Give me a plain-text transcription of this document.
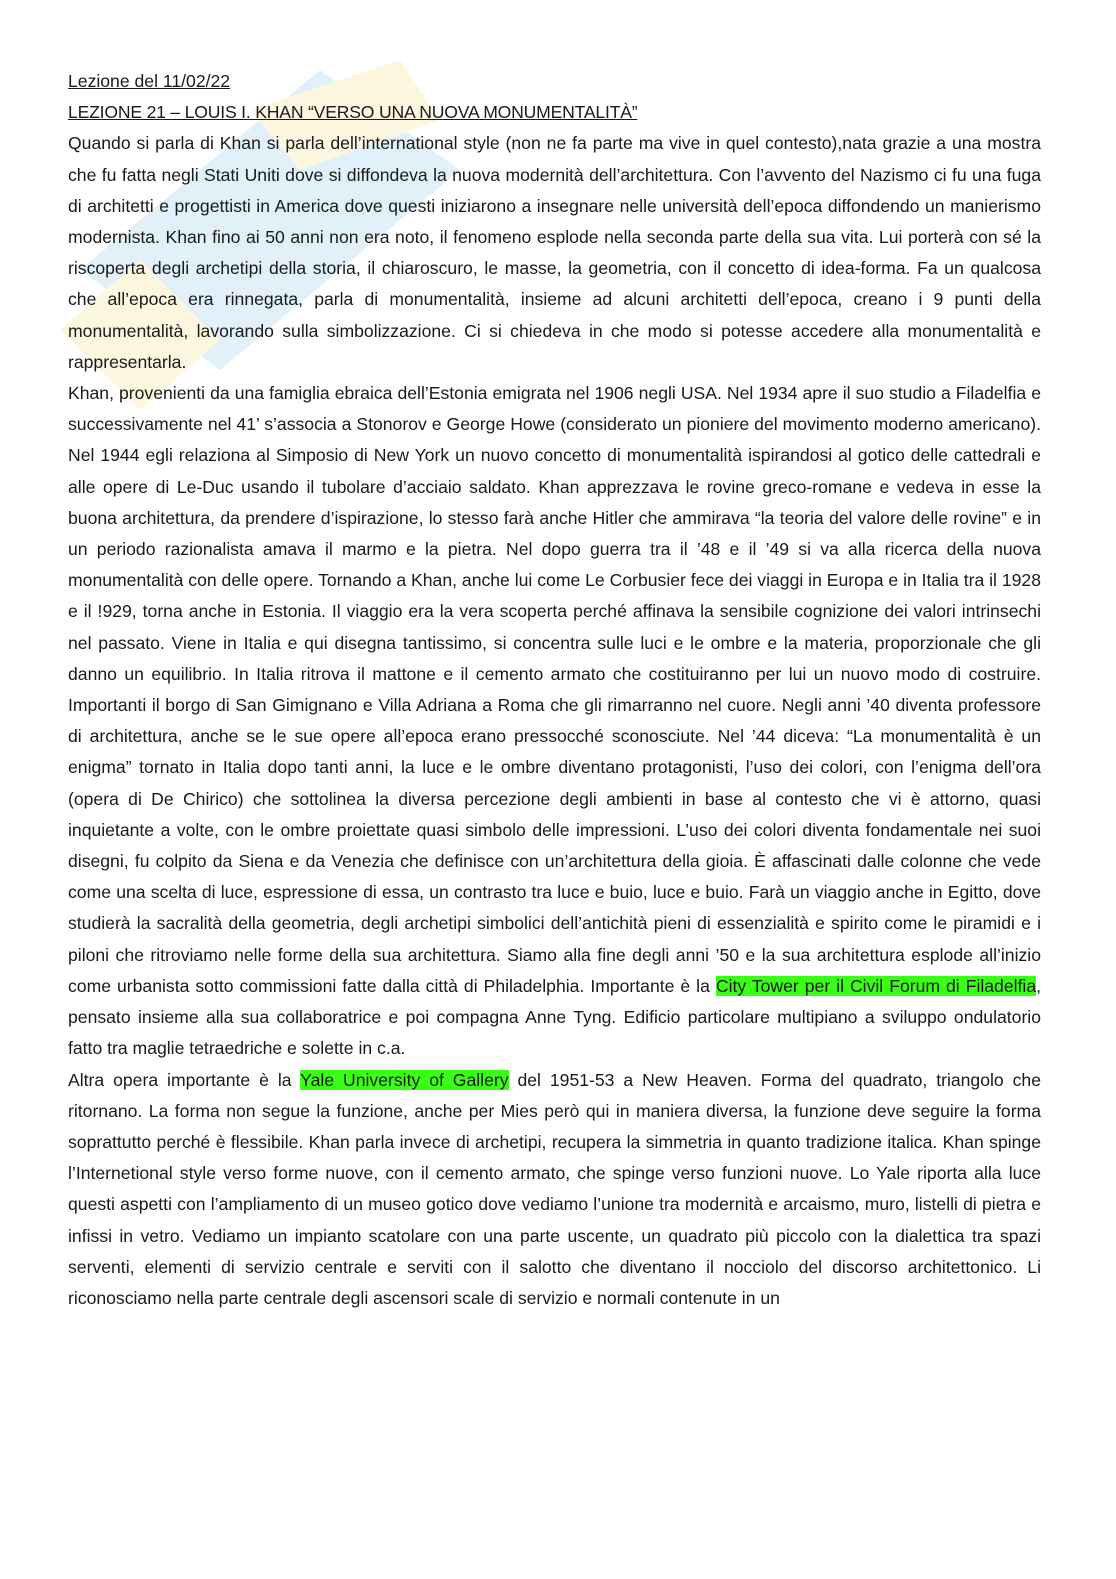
Lezione del 11/02/22

LEZIONE 21 – LOUIS I. KHAN “VERSO UNA NUOVA MONUMENTALITÀ”

Quando si parla di Khan si parla dell’international style (non ne fa parte ma vive in quel contesto),nata grazie a una mostra che fu fatta negli Stati Uniti dove si diffondeva la nuova modernità dell’architettura. Con l’avvento del Nazismo ci fu una fuga di architetti e progettisti in America dove questi iniziarono a insegnare nelle università dell’epoca diffondendo un manierismo modernista. Khan fino ai 50 anni non era noto, il fenomeno esplode nella seconda parte della sua vita. Lui porterà con sé la riscoperta degli archetipi della storia, il chiaroscuro, le masse, la geometria, con il concetto di idea-forma. Fa un qualcosa che all’epoca era rinnegata, parla di monumentalità, insieme ad alcuni architetti dell’epoca, creano i 9 punti della monumentalità, lavorando sulla simbolizzazione. Ci si chiedeva in che modo si potesse accedere alla monumentalità e rappresentarla.

Khan, provenienti da una famiglia ebraica dell’Estonia emigrata nel 1906 negli USA. Nel 1934 apre il suo studio a Filadelfia e successivamente nel 41’ s’associa a Stonorov e George Howe (considerato un pioniere del movimento moderno americano). Nel 1944 egli relaziona al Simposio di New York un nuovo concetto di monumentalità ispirandosi al gotico delle cattedrali e alle opere di Le-Duc usando il tubolare d’acciaio saldato. Khan apprezzava le rovine greco-romane e vedeva in esse la buona architettura, da prendere d’ispirazione, lo stesso farà anche Hitler che ammirava “la teoria del valore delle rovine” e in un periodo razionalista amava il marmo e la pietra. Nel dopo guerra tra il ’48 e il ’49 si va alla ricerca della nuova monumentalità con delle opere. Tornando a Khan, anche lui come Le Corbusier fece dei viaggi in Europa e in Italia tra il 1928 e il !929, torna anche in Estonia. Il viaggio era la vera scoperta perché affinava la sensibile cognizione dei valori intrinsechi nel passato. Viene in Italia e qui disegna tantissimo, si concentra sulle luci e le ombre e la materia, proporzionale che gli danno un equilibrio. In Italia ritrova il mattone e il cemento armato che costituiranno per lui un nuovo modo di costruire. Importanti il borgo di San Gimignano e Villa Adriana a Roma che gli rimarranno nel cuore. Negli anni ’40 diventa professore di architettura, anche se le sue opere all’epoca erano pressocché sconosciute. Nel ’44 diceva: “La monumentalità è un enigma” tornato in Italia dopo tanti anni, la luce e le ombre diventano protagonisti, l’uso dei colori, con l’enigma dell’ora (opera di De Chirico) che sottolinea la diversa percezione degli ambienti in base al contesto che vi è attorno, quasi inquietante a volte, con le ombre proiettate quasi simbolo delle impressioni. L’uso dei colori diventa fondamentale nei suoi disegni, fu colpito da Siena e da Venezia che definisce con un’architettura della gioia. È affascinati dalle colonne che vede come una scelta di luce, espressione di essa, un contrasto tra luce e buio, luce e buio. Farà un viaggio anche in Egitto, dove studierà la sacralità della geometria, degli archetipi simbolici dell’antichità pieni di essenzialità e spirito come le piramidi e i piloni che ritroviamo nelle forme della sua architettura. Siamo alla fine degli anni ’50 e la sua architettura esplode all’inizio come urbanista sotto commissioni fatte dalla città di Philadelphia. Importante è la City Tower per il Civil Forum di Filadelfia, pensato insieme alla sua collaboratrice e poi compagna Anne Tyng. Edificio particolare multipiano a sviluppo ondulatorio fatto tra maglie tetraedriche e solette in c.a.

Altra opera importante è la Yale University of Gallery del 1951-53 a New Heaven. Forma del quadrato, triangolo che ritornano. La forma non segue la funzione, anche per Mies però qui in maniera diversa, la funzione deve seguire la forma soprattutto perché è flessibile. Khan parla invece di archetipi, recupera la simmetria in quanto tradizione italica. Khan spinge l’Internetional style verso forme nuove, con il cemento armato, che spinge verso funzioni nuove. Lo Yale riporta alla luce questi aspetti con l’ampliamento di un museo gotico dove vediamo l’unione tra modernità e arcaismo, muro, listelli di pietra e infissi in vetro. Vediamo un impianto scatolare con una parte uscente, un quadrato più piccolo con la dialettica tra spazi serventi, elementi di servizio centrale e serviti con il salotto che diventano il nocciolo del discorso architettonico. Li riconosciamo nella parte centrale degli ascensori scale di servizio e normali contenute in un
